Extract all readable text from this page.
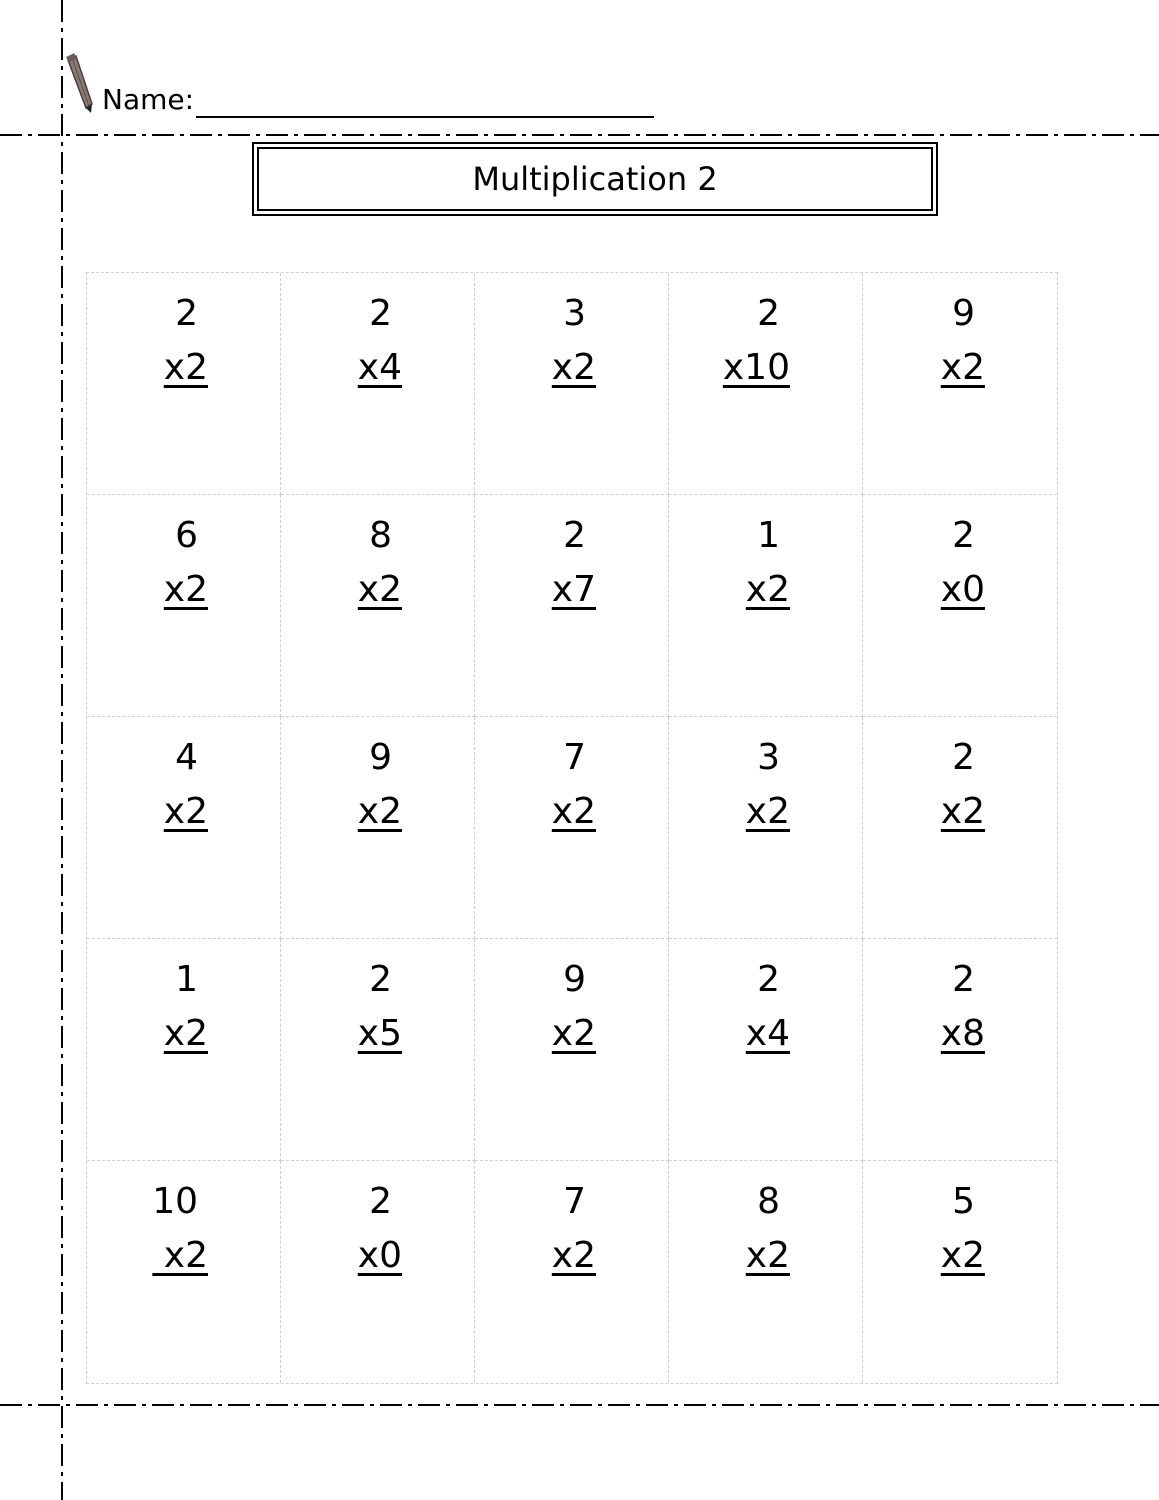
Name:
Multiplication 2
2
x2
2
x4
3
x2
2
x10
9
x2
6
x2
8
x2
2
x7
1
x2
2
x0
4
x2
9
x2
7
x2
3
x2
2
x2
1
x2
2
x5
9
x2
2
x4
2
x8
10
x2
2
x0
7
x2
8
x2
5
x2
